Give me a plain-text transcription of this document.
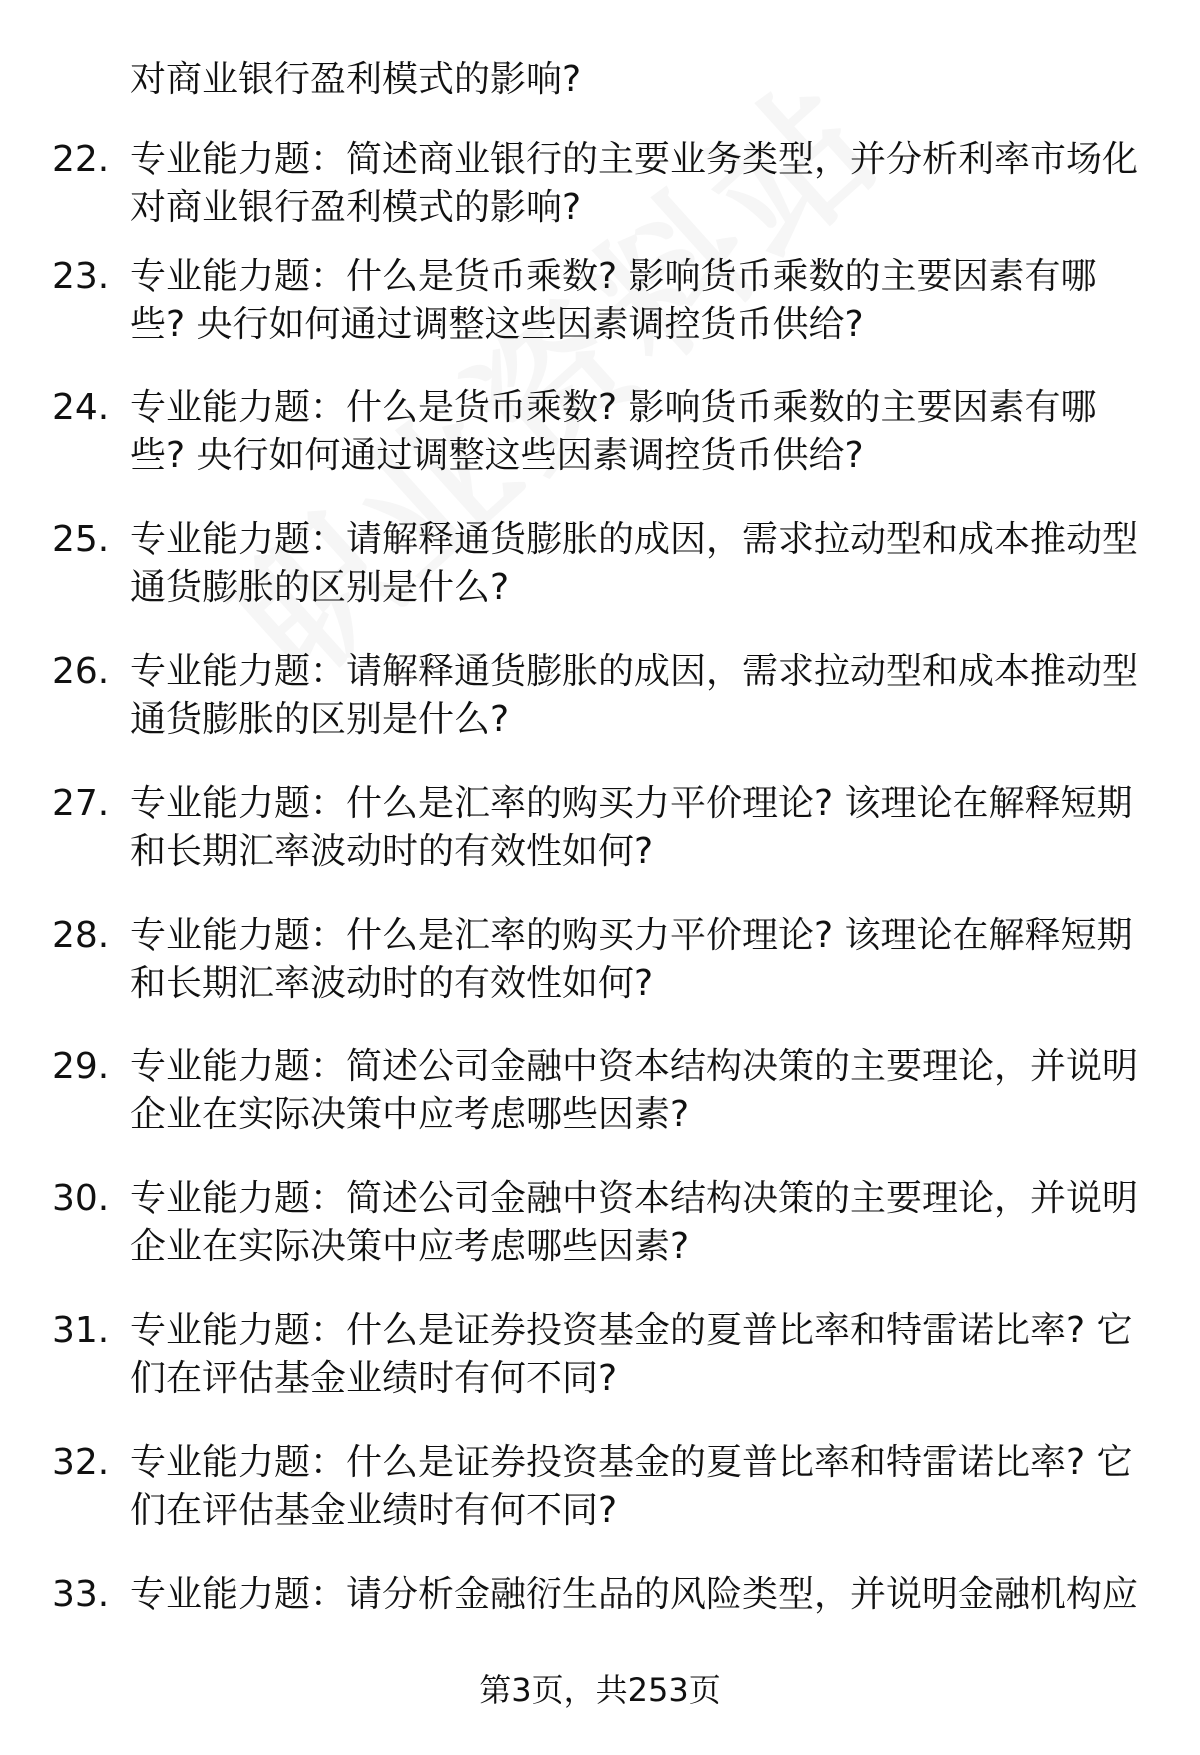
对商业银行盈利模式的影响?

22. 专业能力题：简述商业银行的主要业务类型，并分析利率市场化对商业银行盈利模式的影响?
23. 专业能力题：什么是货币乘数? 影响货币乘数的主要因素有哪些? 央行如何通过调整这些因素调控货币供给?
24. 专业能力题：什么是货币乘数? 影响货币乘数的主要因素有哪些? 央行如何通过调整这些因素调控货币供给?
25. 专业能力题：请解释通货膨胀的成因，需求拉动型和成本推动型通货膨胀的区别是什么?
26. 专业能力题：请解释通货膨胀的成因，需求拉动型和成本推动型通货膨胀的区别是什么?
27. 专业能力题：什么是汇率的购买力平价理论? 该理论在解释短期和长期汇率波动时的有效性如何?
28. 专业能力题：什么是汇率的购买力平价理论? 该理论在解释短期和长期汇率波动时的有效性如何?
29. 专业能力题：简述公司金融中资本结构决策的主要理论，并说明企业在实际决策中应考虑哪些因素?
30. 专业能力题：简述公司金融中资本结构决策的主要理论，并说明企业在实际决策中应考虑哪些因素?
31. 专业能力题：什么是证券投资基金的夏普比率和特雷诺比率? 它们在评估基金业绩时有何不同?
32. 专业能力题：什么是证券投资基金的夏普比率和特雷诺比率? 它们在评估基金业绩时有何不同?
33. 专业能力题：请分析金融衍生品的风险类型，并说明金融机构应
第3页，共253页
